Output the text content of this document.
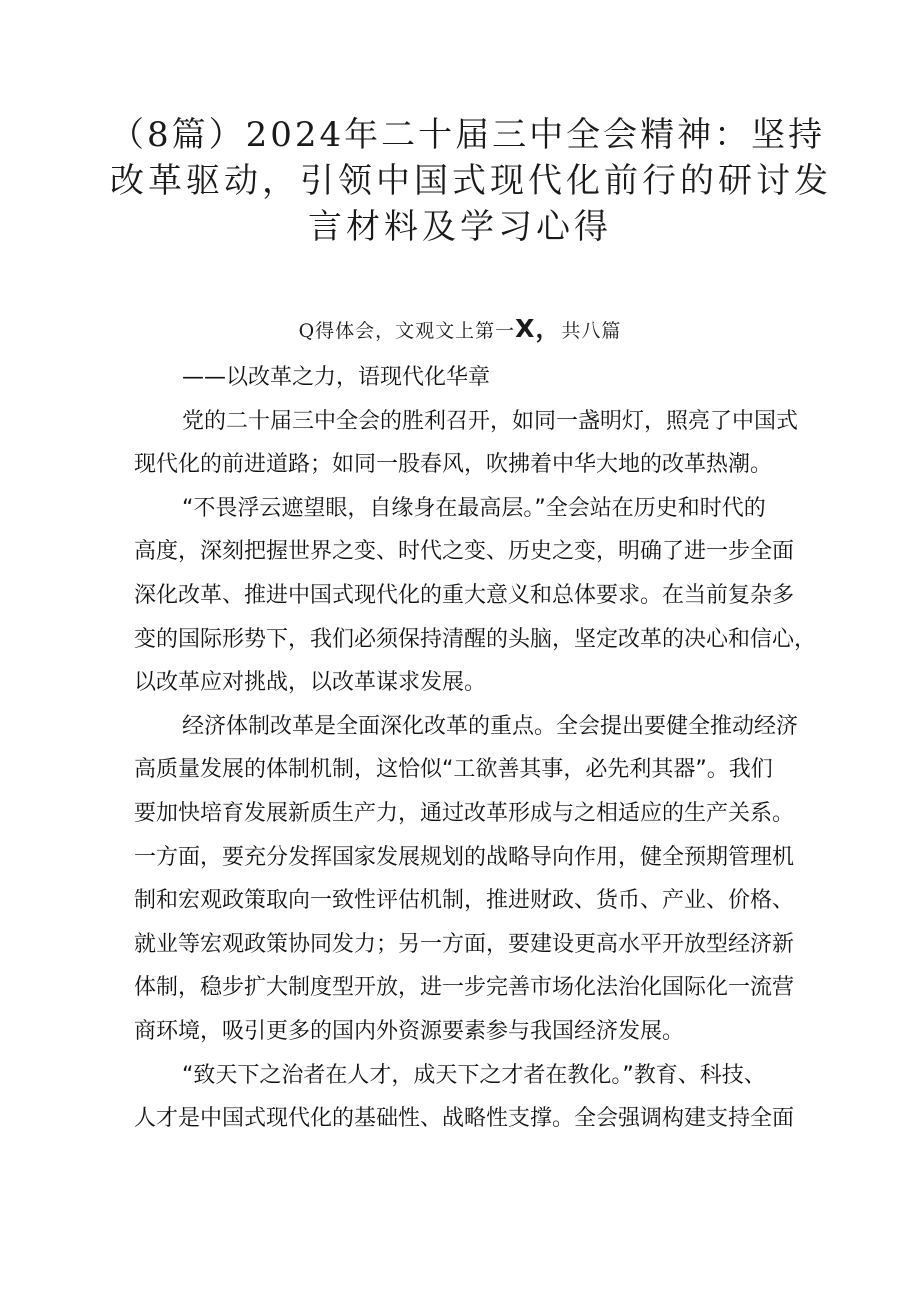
（8篇）2024年二十届三中全会精神：坚持
改革驱动，引领中国式现代化前行的研讨发
言材料及学习心得
Q得体会，文观文上第一X，共八篇
——以改革之力，语现代化华章
党的二十届三中全会的胜利召开，如同一盏明灯，照亮了中国式
现代化的前进道路；如同一股春风，吹拂着中华大地的改革热潮。
“不畏浮云遮望眼，自缘身在最高层。”全会站在历史和时代的
高度，深刻把握世界之变、时代之变、历史之变，明确了进一步全面
深化改革、推进中国式现代化的重大意义和总体要求。在当前复杂多
变的国际形势下，我们必须保持清醒的头脑，坚定改革的决心和信心，
以改革应对挑战，以改革谋求发展。
经济体制改革是全面深化改革的重点。全会提出要健全推动经济
高质量发展的体制机制，这恰似“工欲善其事，必先利其器”。我们
要加快培育发展新质生产力，通过改革形成与之相适应的生产关系。
一方面，要充分发挥国家发展规划的战略导向作用，健全预期管理机
制和宏观政策取向一致性评估机制，推进财政、货币、产业、价格、
就业等宏观政策协同发力；另一方面，要建设更高水平开放型经济新
体制，稳步扩大制度型开放，进一步完善市场化法治化国际化一流营
商环境，吸引更多的国内外资源要素参与我国经济发展。
“致天下之治者在人才，成天下之才者在教化。”教育、科技、
人才是中国式现代化的基础性、战略性支撑。全会强调构建支持全面
